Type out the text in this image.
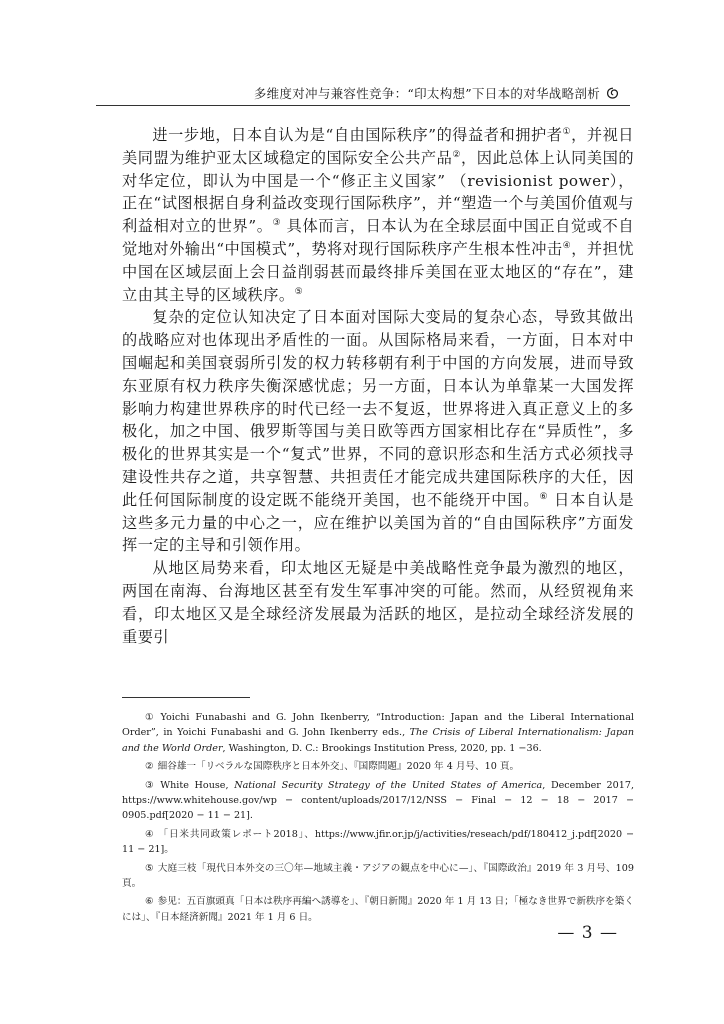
多维度对冲与兼容性竞争：“印太构想”下日本的对华战略剖析

进一步地，日本自认为是“自由国际秩序”的得益者和拥护者①，并视日美同盟为维护亚太区域稳定的国际安全公共产品②，因此总体上认同美国的对华定位，即认为中国是一个“修正主义国家” （revisionist power），正在“试图根据自身利益改变现行国际秩序”，并“塑造一个与美国价值观与利益相对立的世界”。③ 具体而言，日本认为在全球层面中国正自觉或不自觉地对外输出“中国模式”，势将对现行国际秩序产生根本性冲击④，并担忧中国在区域层面上会日益削弱甚而最终排斥美国在亚太地区的“存在”，建立由其主导的区域秩序。⑤

复杂的定位认知决定了日本面对国际大变局的复杂心态，导致其做出的战略应对也体现出矛盾性的一面。从国际格局来看，一方面，日本对中国崛起和美国衰弱所引发的权力转移朝有利于中国的方向发展，进而导致东亚原有权力秩序失衡深感忧虑；另一方面，日本认为单靠某一大国发挥影响力构建世界秩序的时代已经一去不复返，世界将进入真正意义上的多极化，加之中国、俄罗斯等国与美日欧等西方国家相比存在“异质性”，多极化的世界其实是一个“复式”世界，不同的意识形态和生活方式必须找寻建设性共存之道，共享智慧、共担责任才能完成共建国际秩序的大任，因此任何国际制度的设定既不能绕开美国，也不能绕开中国。⑥ 日本自认是这些多元力量的中心之一，应在维护以美国为首的“自由国际秩序”方面发挥一定的主导和引领作用。

从地区局势来看，印太地区无疑是中美战略性竞争最为激烈的地区，两国在南海、台海地区甚至有发生军事冲突的可能。然而，从经贸视角来看，印太地区又是全球经济发展最为活跃的地区，是拉动全球经济发展的重要引

① Yoichi Funabashi and G. John Ikenberry, “Introduction: Japan and the Liberal International Order”, in Yoichi Funabashi and G. John Ikenberry eds., The Crisis of Liberal Internationalism: Japan and the World Order, Washington, D. C.: Brookings Institution Press, 2020, pp. 1 −36.

② 細谷雄一「リベラルな国際秩序と日本外交」、『国際問題』2020 年 4 月号、10 頁。

③ White House, National Security Strategy of the United States of America, December 2017, https://www.whitehouse.gov/wp − content/uploads/2017/12/NSS − Final − 12 − 18 − 2017 − 0905.pdf[2020 − 11 − 21].

④ 「日米共同政策レポート2018」、https://www.jfir.or.jp/j/activities/reseach/pdf/180412_j.pdf[2020 − 11 − 21]。

⑤ 大庭三枝「現代日本外交の三〇年—地域主義・アジアの観点を中心に—」、『国際政治』2019 年 3 月号、109 頁。

⑥ 参见：五百旗頭真「日本は秩序再編へ誘導を」、『朝日新聞』2020 年 1 月 13 日；「極なき世界で新秩序を築くには」、『日本経済新聞』2021 年 1 月 6 日。

— 3 —
